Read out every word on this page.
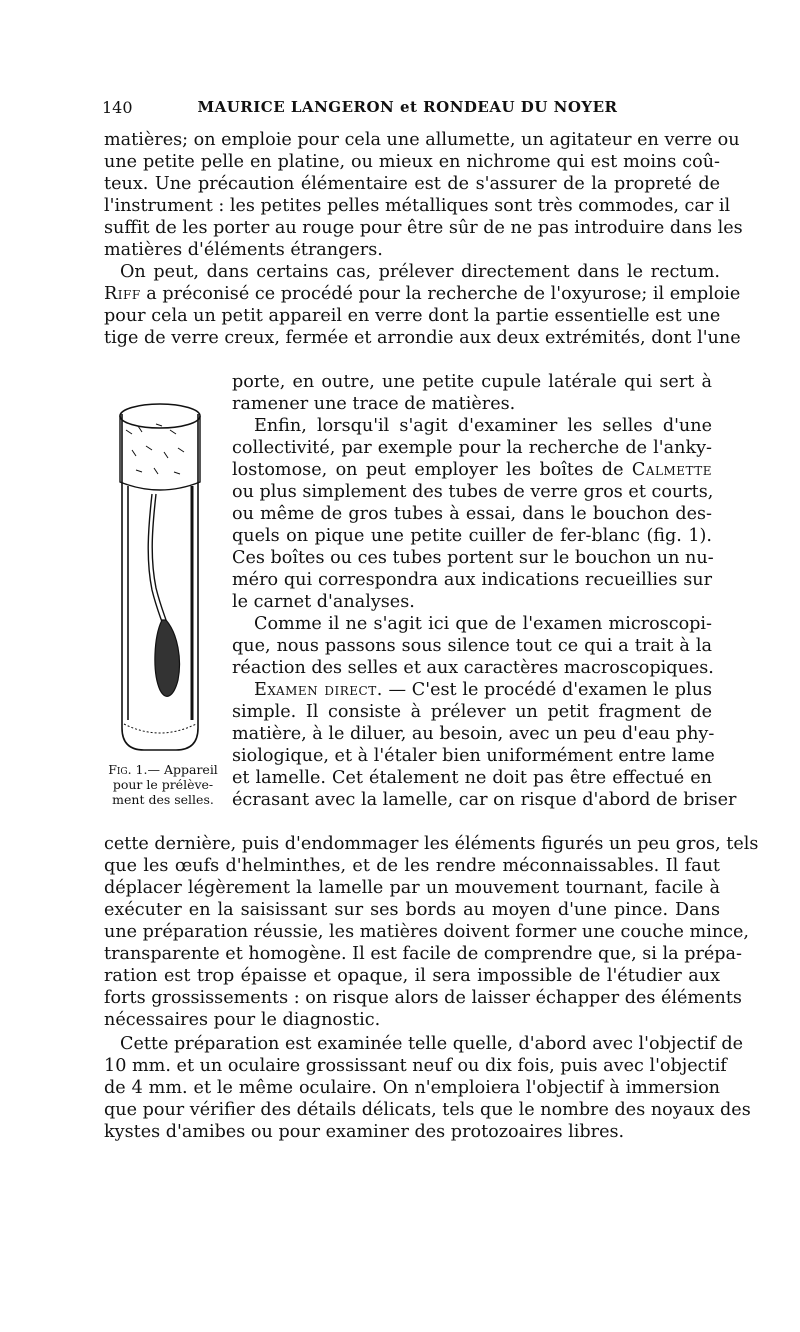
140	MAURICE LANGERON et RONDEAU DU NOYER
matières; on emploie pour cela une allumette, un agitateur en verre ou
une petite pelle en platine, ou mieux en nichrome qui est moins coû-
teux. Une précaution élémentaire est de s'assurer de la propreté de
l'instrument : les petites pelles métalliques sont très commodes, car il
suffit de les porter au rouge pour être sûr de ne pas introduire dans les
matières d'éléments étrangers.
On peut, dans certains cas, prélever directement dans le rectum.
Riff a préconisé ce procédé pour la recherche de l'oxyurose; il emploie
pour cela un petit appareil en verre dont la partie essentielle est une
tige de verre creux, fermée et arrondie aux deux extrémités, dont l'une
cette dernière, puis d'endommager les éléments figurés un peu gros, tels
que les œufs d'helminthes, et de les rendre méconnaissables. Il faut
déplacer légèrement la lamelle par un mouvement tournant, facile à
exécuter en la saisissant sur ses bords au moyen d'une pince. Dans
une préparation réussie, les matières doivent former une couche mince,
transparente et homogène. Il est facile de comprendre que, si la prépa-
ration est trop épaisse et opaque, il sera impossible de l'étudier aux
forts grossissements : on risque alors de laisser échapper des éléments
nécessaires pour le diagnostic.
Cette préparation est examinée telle quelle, d'abord avec l'objectif de
10 mm. et un oculaire grossissant neuf ou dix fois, puis avec l'objectif
de 4 mm. et le même oculaire. On n'emploiera l'objectif à immersion
que pour vérifier des détails délicats, tels que le nombre des noyaux des
kystes d'amibes ou pour examiner des protozoaires libres.
porte, en outre, une petite cupule latérale qui sert à
ramener une trace de matières.
Enfin, lorsqu'il s'agit d'examiner les selles d'une
collectivité, par exemple pour la recherche de l'anky-
lostomose, on peut employer les boîtes de Calmette
ou plus simplement des tubes de verre gros et courts,
ou même de gros tubes à essai, dans le bouchon des-
quels on pique une petite cuiller de fer-blanc (fig. 1).
Ces boîtes ou ces tubes portent sur le bouchon un nu-
méro qui correspondra aux indications recueillies sur
le carnet d'analyses.
Comme il ne s'agit ici que de l'examen microscopi-
que, nous passons sous silence tout ce qui a trait à la
réaction des selles et aux caractères macroscopiques.
Examen direct. — C'est le procédé d'examen le plus
simple. Il consiste à prélever un petit fragment de
matière, à le diluer, au besoin, avec un peu d'eau phy-
siologique, et à l'étaler bien uniformément entre lame
et lamelle. Cet étalement ne doit pas être effectué en
écrasant avec la lamelle, car on risque d'abord de briser
Fig. 1.— Appareil
pour le prélève-
ment des selles.
